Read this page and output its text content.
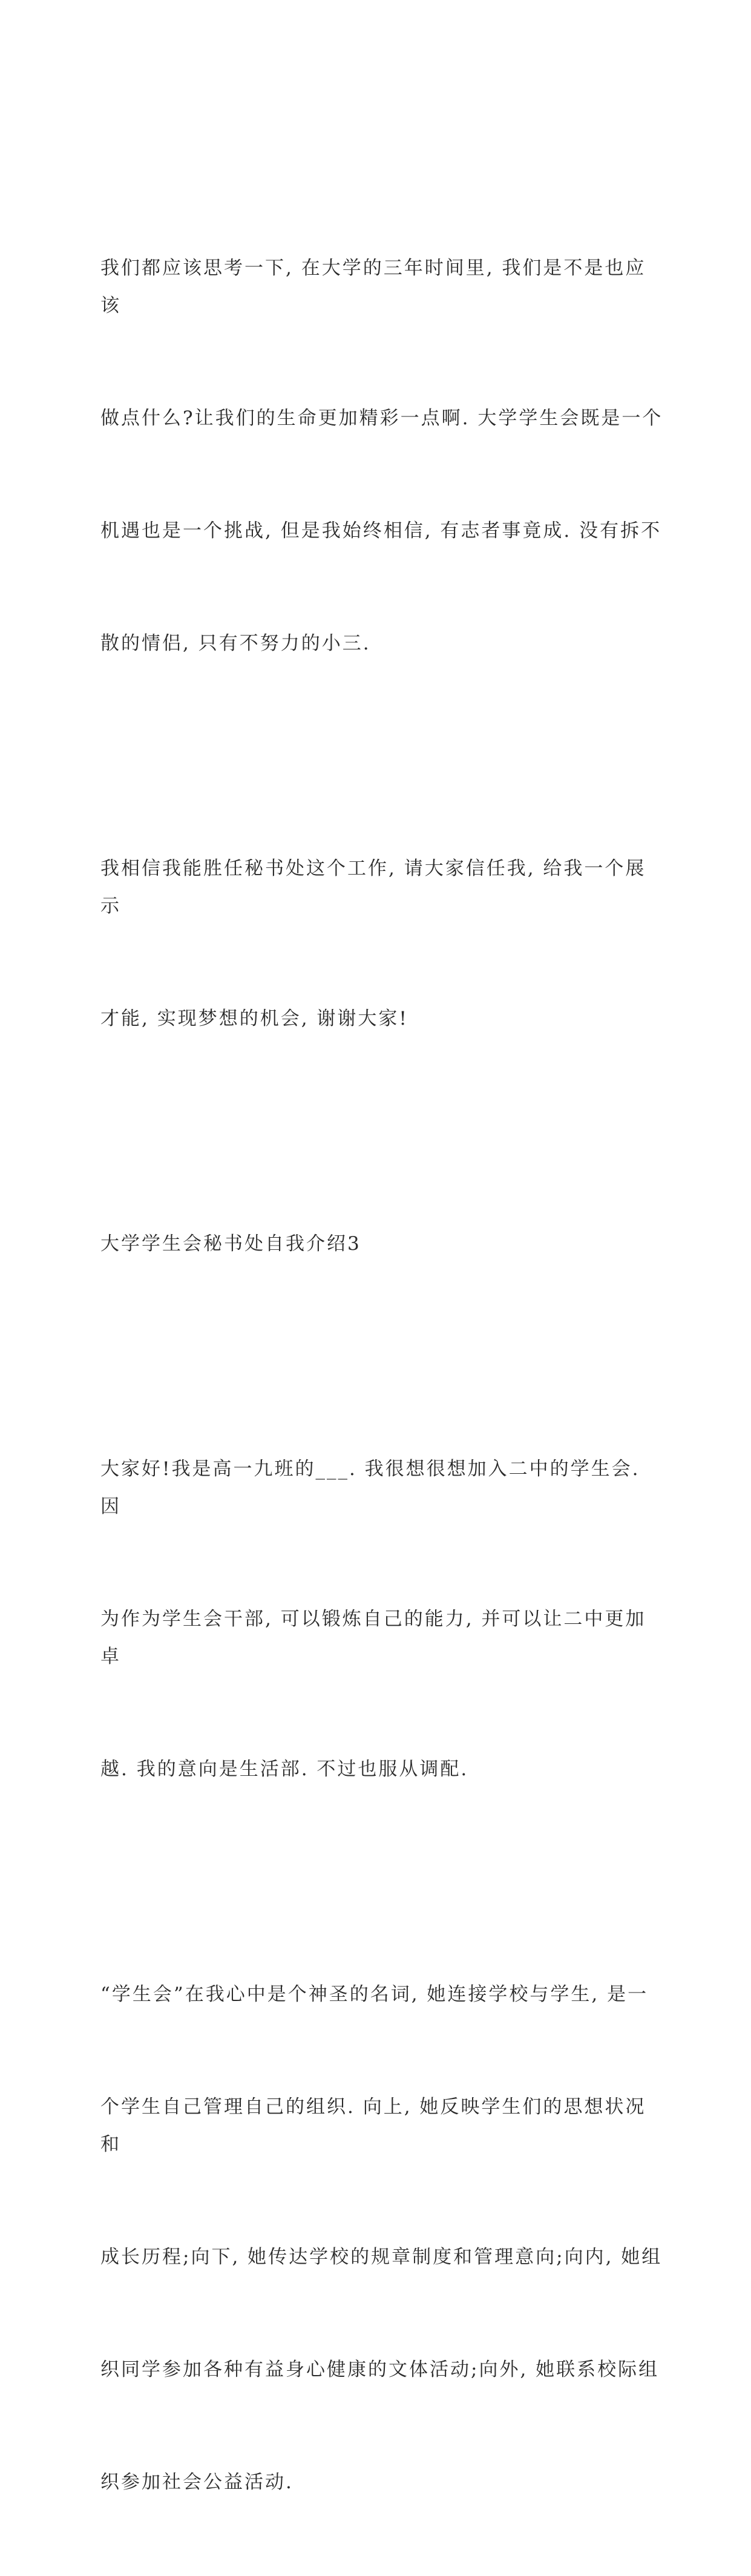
我们都应该思考一下, 在大学的三年时间里, 我们是不是也应该

做点什么?让我们的生命更加精彩一点啊. 大学学生会既是一个

机遇也是一个挑战, 但是我始终相信, 有志者事竟成. 没有拆不

散的情侣, 只有不努力的小三.

我相信我能胜任秘书处这个工作, 请大家信任我, 给我一个展示

才能, 实现梦想的机会, 谢谢大家!

大学学生会秘书处自我介绍3

大家好!我是高一九班的___. 我很想很想加入二中的学生会. 因

为作为学生会干部, 可以锻炼自己的能力, 并可以让二中更加卓

越. 我的意向是生活部. 不过也服从调配.

“学生会”在我心中是个神圣的名词, 她连接学校与学生, 是一

个学生自己管理自己的组织. 向上, 她反映学生们的思想状况和

成长历程;向下, 她传达学校的规章制度和管理意向;向内, 她组

织同学参加各种有益身心健康的文体活动;向外, 她联系校际组

织参加社会公益活动.
